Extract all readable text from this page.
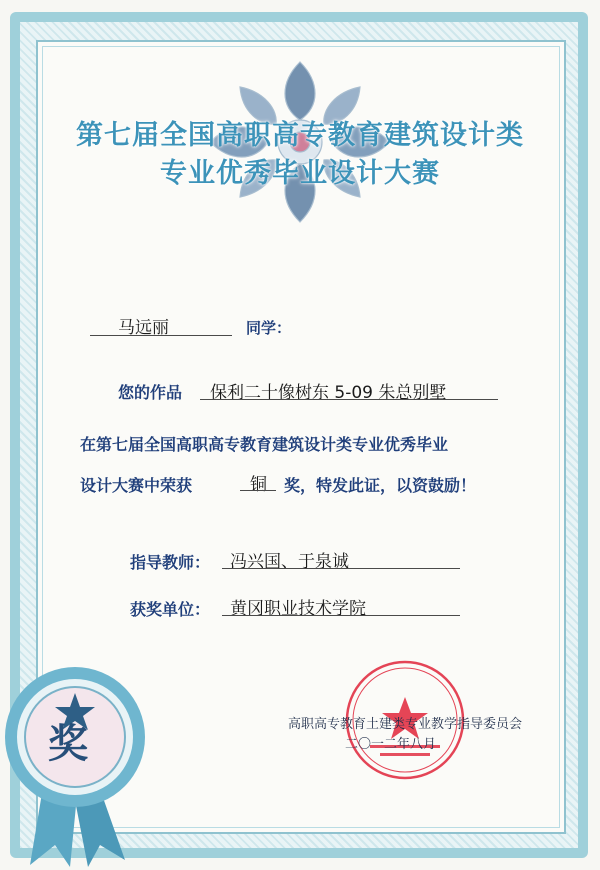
第七届全国高职高专教育建筑设计类
专业优秀毕业设计大赛
马远丽	同学：
您的作品 保利二十像树东 5-09 朱总别墅
在第七届全国高职高专教育建筑设计类专业优秀毕业
设计大赛中荣获	铜 奖，特发此证，以资鼓励！
指导教师： 冯兴国、于泉诚
获奖单位： 黄冈职业技术学院
高职高专教育土建类专业教学指导委员会
二〇一二年八月
奖
